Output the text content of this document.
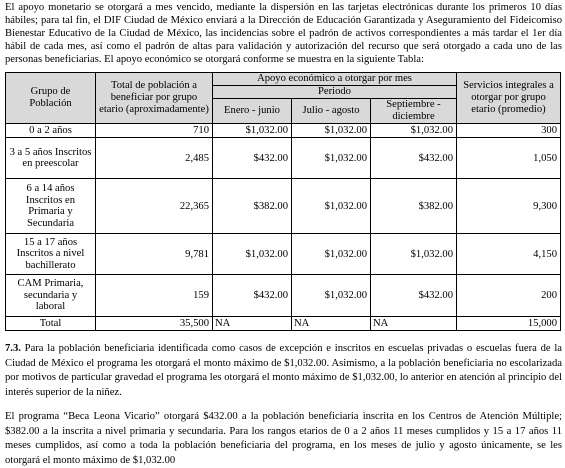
El apoyo monetario se otorgará a mes vencido, mediante la dispersión en las tarjetas electrónicas durante los primeros 10 días hábiles; para tal fin, el DIF Ciudad de México enviará a la Dirección de Educación Garantizada y Aseguramiento del Fideicomiso Bienestar Educativo de la Ciudad de México, las incidencias sobre el padrón de activos correspondientes a más tardar el 1er día hábil de cada mes, así como el padrón de altas para validación y autorización del recurso que será otorgado a cada uno de las personas beneficiarias. El apoyo económico se otorgará conforme se muestra en la siguiente Tabla:

Grupo de Población	Total de población a beneficiar por grupo etario (aproximadamente)	Apoyo económico a otorgar por mes			Servicios integrales a otorgar por grupo etario (promedio)
		Periodo			
		Enero - junio	Julio - agosto	Septiembre - diciembre	
0 a 2 años	710	$1,032.00	$1,032.00	$1,032.00	300
3 a 5 años Inscritos en preescolar	2,485	$432.00	$1,032.00	$432.00	1,050
6 a 14 años Inscritos en Primaria y Secundaria	22,365	$382.00	$1,032.00	$382.00	9,300
15 a 17 años Inscritos a nivel bachillerato	9,781	$1,032.00	$1,032.00	$1,032.00	4,150
CAM Primaria, secundaria y laboral	159	$432.00	$1,032.00	$432.00	200
Total	35,500	NA	NA	NA	15,000

7.3. Para la población beneficiaria identificada como casos de excepción e inscritos en escuelas privadas o escuelas fuera de la Ciudad de México el programa les otorgará el monto máximo de $1,032.00. Asimismo, a la población beneficiaria no escolarizada por motivos de particular gravedad el programa les otorgará el monto máximo de $1,032.00, lo anterior en atención al principio del interés superior de la niñez.

El programa “Beca Leona Vicario” otorgará $432.00 a la población beneficiaria inscrita en los Centros de Atención Múltiple; $382.00 a la inscrita a nivel primaria y secundaria. Para los rangos etarios de 0 a 2 años 11 meses cumplidos y 15 a 17 años 11 meses cumplidos, así como a toda la población beneficiaria del programa, en los meses de julio y agosto únicamente, se les otorgará el monto máximo de $1,032.00
